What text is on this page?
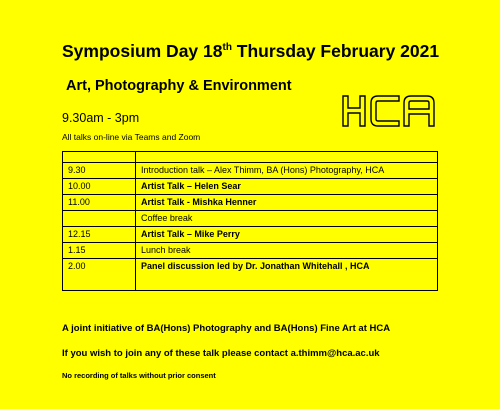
Symposium Day 18th Thursday February 2021
Art, Photography & Environment
9.30am - 3pm
All talks on-line via Teams and Zoom

9.30	Introduction talk – Alex Thimm, BA (Hons) Photography, HCA
10.00	Artist Talk – Helen Sear
11.00	Artist Talk - Mishka Henner
	Coffee break
12.15	Artist Talk – Mike Perry
1.15	Lunch break
2.00	Panel discussion led by Dr. Jonathan Whitehall , HCA
A joint initiative of BA(Hons) Photography and BA(Hons) Fine Art at HCA
If you wish to join any of these talk please contact a.thimm@hca.ac.uk
No recording of talks without prior consent
